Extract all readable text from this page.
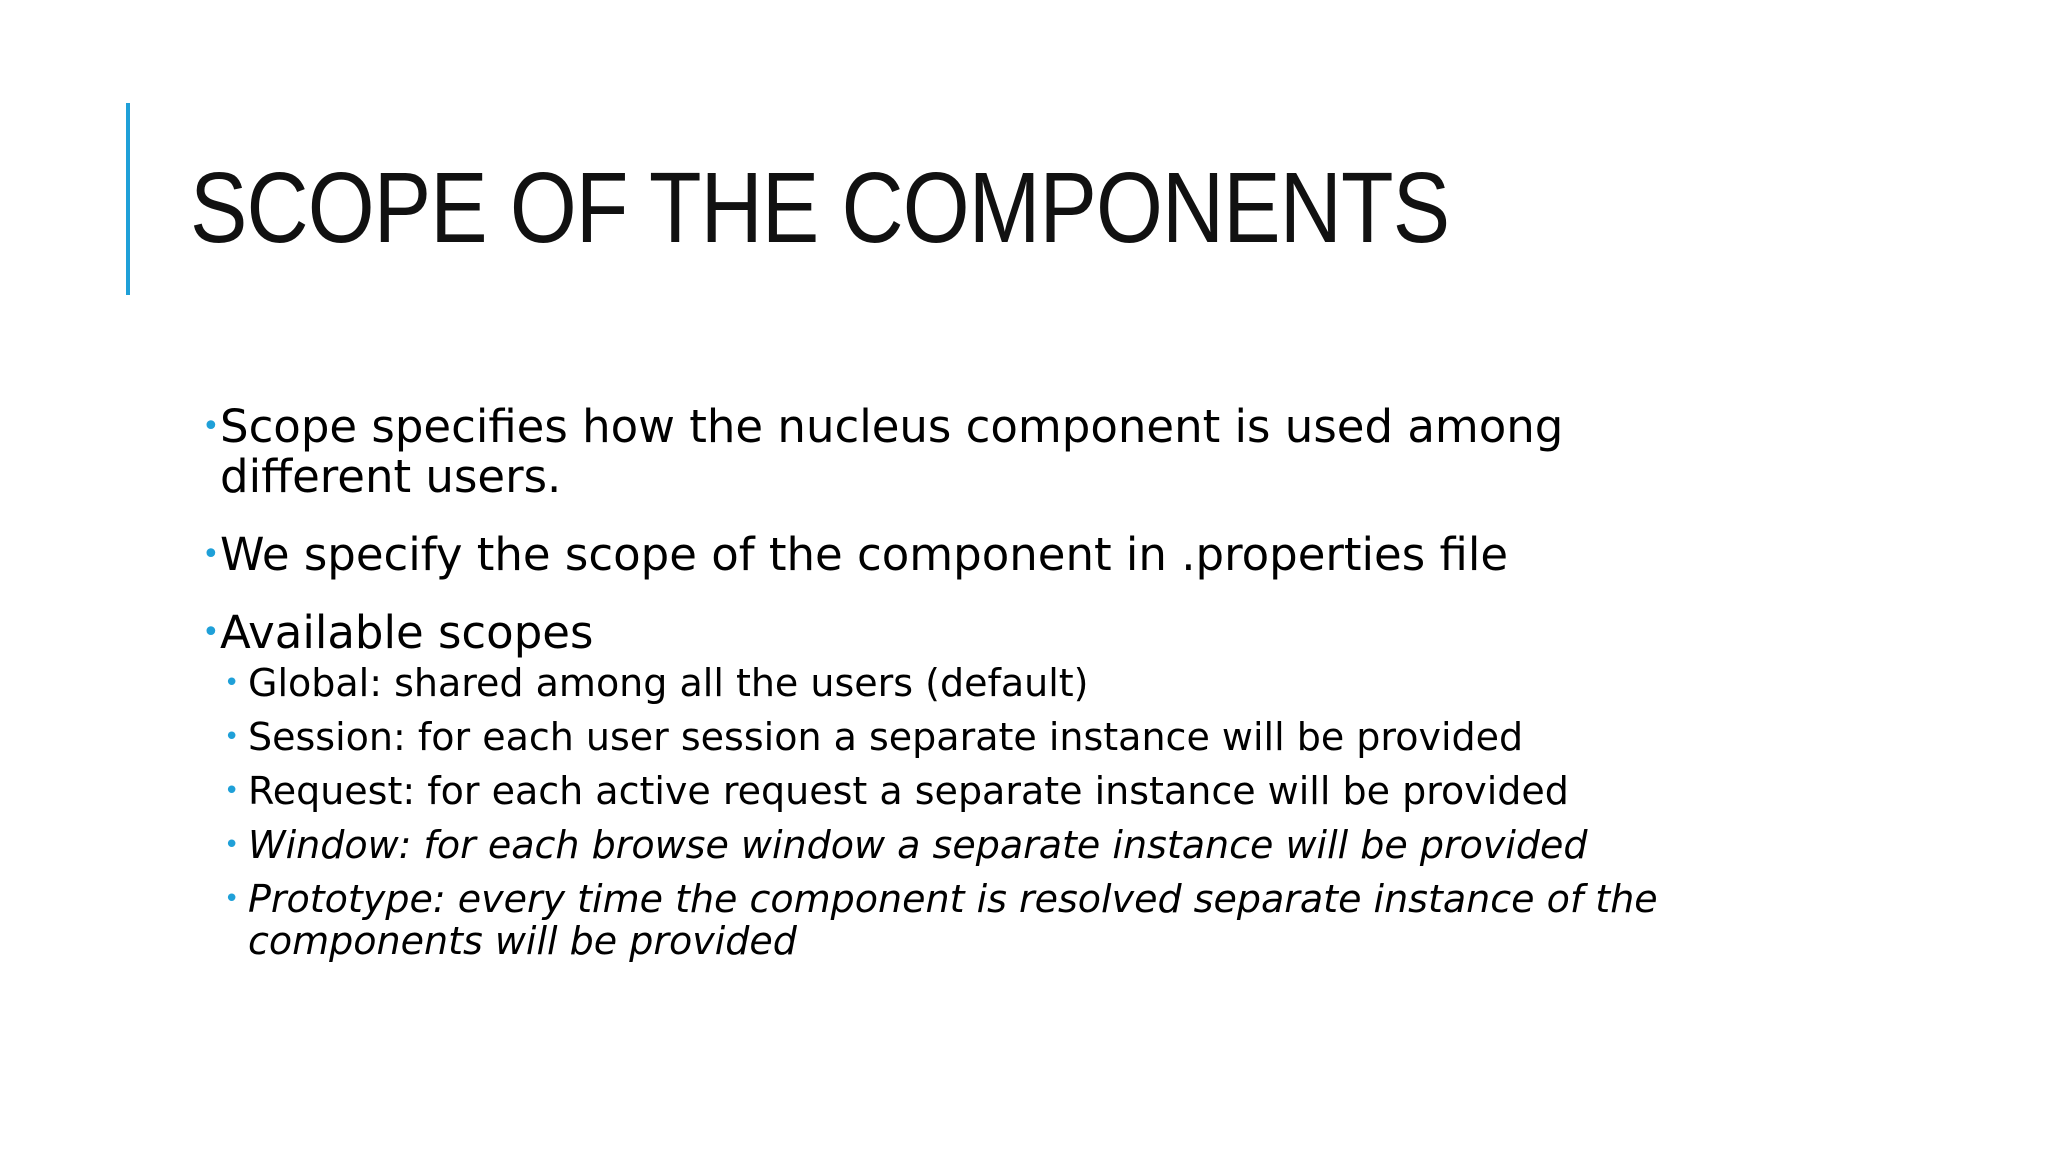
SCOPE OF THE COMPONENTS

• Scope specifies how the nucleus component is used among different users.

• We specify the scope of the component in .properties file

• Available scopes

• Global: shared among all the users (default)

• Session: for each user session a separate instance will be provided

• Request: for each active request a separate instance will be provided

• Window: for each browse window a separate instance will be provided

• Prototype: every time the component is resolved separate instance of the components will be provided
